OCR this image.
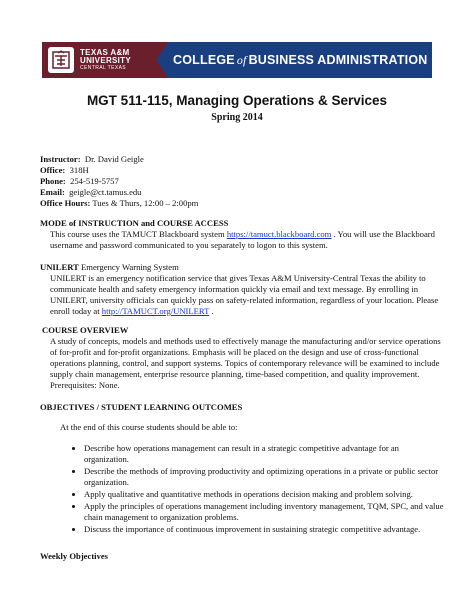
TEXAS A&M
UNIVERSITY
CENTRAL TEXAS
COLLEGE of BUSINESS ADMINISTRATION
MGT 511-115, Managing Operations & Services
Spring 2014
Instructor: Dr. David Geigle
Office: 318H
Phone: 254-519-5757
Email: geigle@ct.tamus.edu
Office Hours: Tues & Thurs, 12:00 – 2:00pm
MODE of INSTRUCTION and COURSE ACCESS
This course uses the TAMUCT Blackboard system https://tamuct.blackboard.com . You will use the Blackboard username and password communicated to you separately to logon to this system.
UNILERT Emergency Warning System
UNILERT is an emergency notification service that gives Texas A&M University-Central Texas the ability to communicate health and safety emergency information quickly via email and text message. By enrolling in UNILERT, university officials can quickly pass on safety-related information, regardless of your location. Please enroll today at http://TAMUCT.org/UNILERT .
COURSE OVERVIEW
A study of concepts, models and methods used to effectively manage the manufacturing and/or service operations of for-profit and for-profit organizations. Emphasis will be placed on the design and use of cross-functional operations planning, control, and support systems. Topics of contemporary relevance will be examined to include supply chain management, enterprise resource planning, time-based competition, and quality improvement. Prerequisites: None.
OBJECTIVES / STUDENT LEARNING OUTCOMES
At the end of this course students should be able to:
• Describe how operations management can result in a strategic competitive advantage for an organization.
• Describe the methods of improving productivity and optimizing operations in a private or public sector organization.
• Apply qualitative and quantitative methods in operations decision making and problem solving.
• Apply the principles of operations management including inventory management, TQM, SPC, and value chain management to organization problems.
• Discuss the importance of continuous improvement in sustaining strategic competitive advantage.
Weekly Objectives
